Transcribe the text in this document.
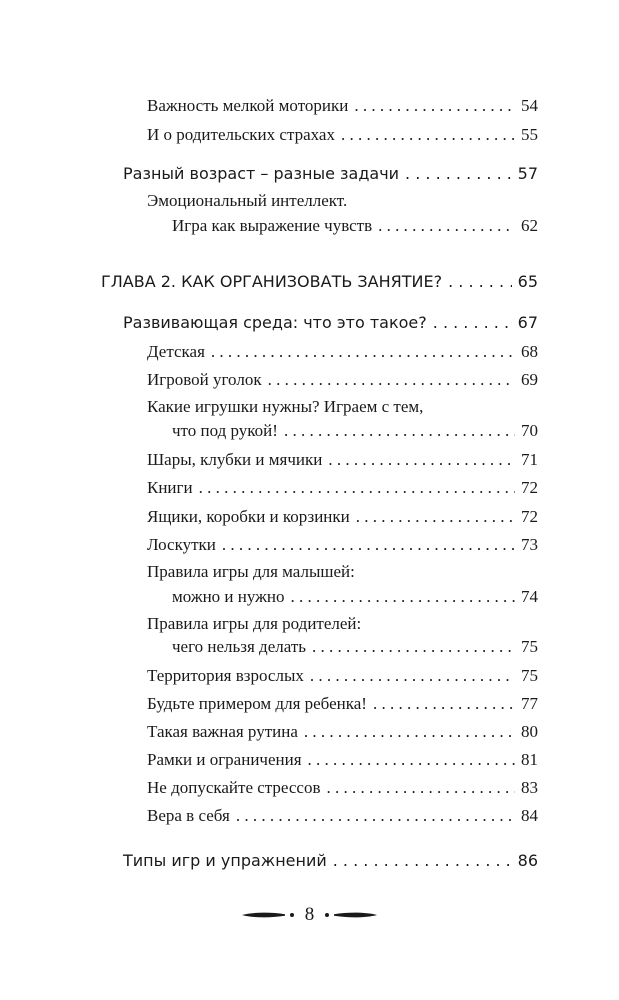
Важность мелкой моторики . . .	54
И о родительских страхах . . .	55
Разный возраст – разные задачи . . .	57
Эмоциональный интеллект.
Игра как выражение чувств . . .	62
ГЛАВА 2. КАК ОРГАНИЗОВАТЬ ЗАНЯТИЕ? . . .	65
Развивающая среда: что это такое? . . .	67
Детская . . .	68
Игровой уголок . . .	69
Какие игрушки нужны? Играем с тем,
что под рукой! . . .	70
Шары, клубки и мячики . . .	71
Книги . . .	72
Ящики, коробки и корзинки . . .	72
Лоскутки . . .	73
Правила игры для малышей:
можно и нужно . . .	74
Правила игры для родителей:
чего нельзя делать . . .	75
Территория взрослых . . .	75
Будьте примером для ребенка! . . .	77
Такая важная рутина . . .	80
Рамки и ограничения . . .	81
Не допускайте стрессов . . .	83
Вера в себя . . .	84
Типы игр и упражнений . . .	86
8
